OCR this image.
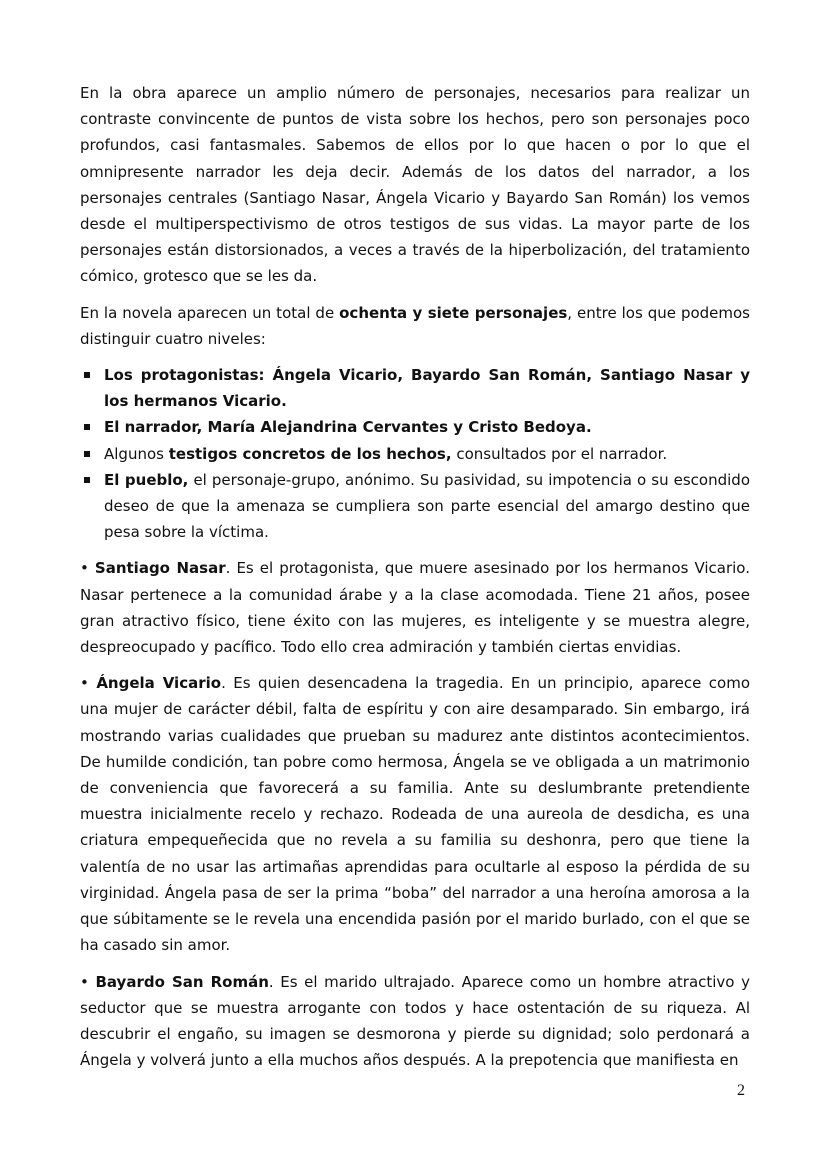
En la obra aparece un amplio número de personajes, necesarios para realizar un contraste convincente de puntos de vista sobre los hechos, pero son personajes poco profundos, casi fantasmales. Sabemos de ellos por lo que hacen o por lo que el omnipresente narrador les deja decir. Además de los datos del narrador, a los personajes centrales (Santiago Nasar, Ángela Vicario y Bayardo San Román) los vemos desde el multiperspectivismo de otros testigos de sus vidas. La mayor parte de los personajes están distorsionados, a veces a través de la hiperbolización, del tratamiento cómico, grotesco que se les da.

En la novela aparecen un total de ochenta y siete personajes, entre los que podemos distinguir cuatro niveles:

Los protagonistas: Ángela Vicario, Bayardo San Román, Santiago Nasar y los hermanos Vicario.
El narrador, María Alejandrina Cervantes y Cristo Bedoya.
Algunos testigos concretos de los hechos, consultados por el narrador.
El pueblo, el personaje-grupo, anónimo. Su pasividad, su impotencia o su escondido deseo de que la amenaza se cumpliera son parte esencial del amargo destino que pesa sobre la víctima.

• Santiago Nasar. Es el protagonista, que muere asesinado por los hermanos Vicario. Nasar pertenece a la comunidad árabe y a la clase acomodada. Tiene 21 años, posee gran atractivo físico, tiene éxito con las mujeres, es inteligente y se muestra alegre, despreocupado y pacífico. Todo ello crea admiración y también ciertas envidias.

• Ángela Vicario. Es quien desencadena la tragedia. En un principio, aparece como una mujer de carácter débil, falta de espíritu y con aire desamparado. Sin embargo, irá mostrando varias cualidades que prueban su madurez ante distintos acontecimientos. De humilde condición, tan pobre como hermosa, Ángela se ve obligada a un matrimonio de conveniencia que favorecerá a su familia. Ante su deslumbrante pretendiente muestra inicialmente recelo y rechazo. Rodeada de una aureola de desdicha, es una criatura empequeñecida que no revela a su familia su deshonra, pero que tiene la valentía de no usar las artimañas aprendidas para ocultarle al esposo la pérdida de su virginidad. Ángela pasa de ser la prima “boba” del narrador a una heroína amorosa a la que súbitamente se le revela una encendida pasión por el marido burlado, con el que se ha casado sin amor.

• Bayardo San Román. Es el marido ultrajado. Aparece como un hombre atractivo y seductor que se muestra arrogante con todos y hace ostentación de su riqueza. Al descubrir el engaño, su imagen se desmorona y pierde su dignidad; solo perdonará a Ángela y volverá junto a ella muchos años después. A la prepotencia que manifiesta en

2
